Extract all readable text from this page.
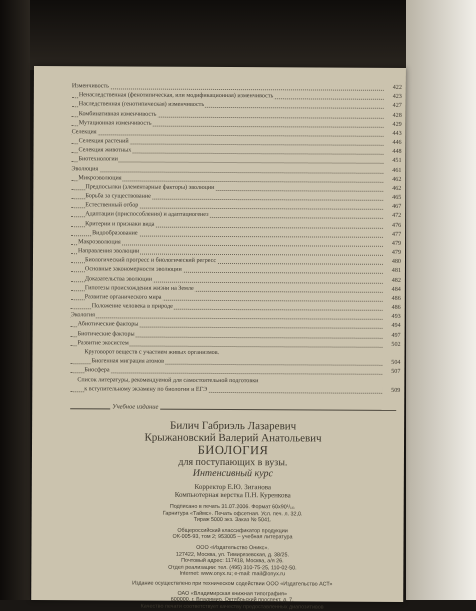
Изменчивость	422
Ненаследственная (фенотипическая, или модификационная) изменчивость	423
Наследственная (генотипическая) изменчивость	427
Комбинативная изменчивость	428
Мутационная изменчивость	429
Селекция	443
Селекция растений	446
Селекция животных	448
Биотехнологии	451
Эволюция	461
Микроэволюция	462
Предпосылки (элементарные факторы) эволюции	462
Борьба за существование	465
Естественный отбор	467
Адаптации (приспособления) и адаптациогенез	472
Критерии и признаки вида	476
Видообразование	477
Макроэволюция	479
Направления эволюции	479
Биологический прогресс и биологический регресс	480
Основные закономерности эволюции	481
Доказательства эволюции	482
Гипотезы происхождения жизни на Земле	484
Развитие органического мира	486
Положение человека в природе	486
Экология	493
Абиотические факторы	494
Биотические факторы	497
Развитие экосистем	502
Круговорот веществ с участием живых организмов.
Биогенная миграция атомов	504
Биосфера	507
Список литературы, рекомендуемой для самостоятельной подготовки
к вступительному экзамену по биологии и ЕГЭ	509
Учебное издание
Билич Габриэль Лазаревич
Крыжановский Валерий Анатольевич
БИОЛОГИЯ
для поступающих в вузы.
Интенсивный курс
Корректор Е.Ю. Зиганова
Компьютерная верстка П.Н. Куренкова
Подписано в печать 31.07.2006. Формат 60х90¹/₁₆.
Гарнитура «Таймс». Печать офсетная. Усл. печ. л. 32,0.
Тираж 5000 экз. Заказ № 5041.
Общероссийский классификатор продукции
ОК-005-93, том 2; 953005 – учебная литература
ООО «Издательство Оникс».
127422, Москва, ул. Тимирязевская, д. 38/25.
Почтовый адрес: 117418, Москва, а/я 26.
Отдел реализации: тел. (495) 310-75-25, 110-02-50.
Internet: www.onyx.ru; e-mail: mail@onyx.ru
Издание осуществлено при техническом содействии ООО «Издательство АСТ»
ОАО «Владимирская книжная типография»
600000, г. Владимир, Октябрьский проспект, д. 7.
Качество печати соответствует качеству предоставленных диапозитивов
